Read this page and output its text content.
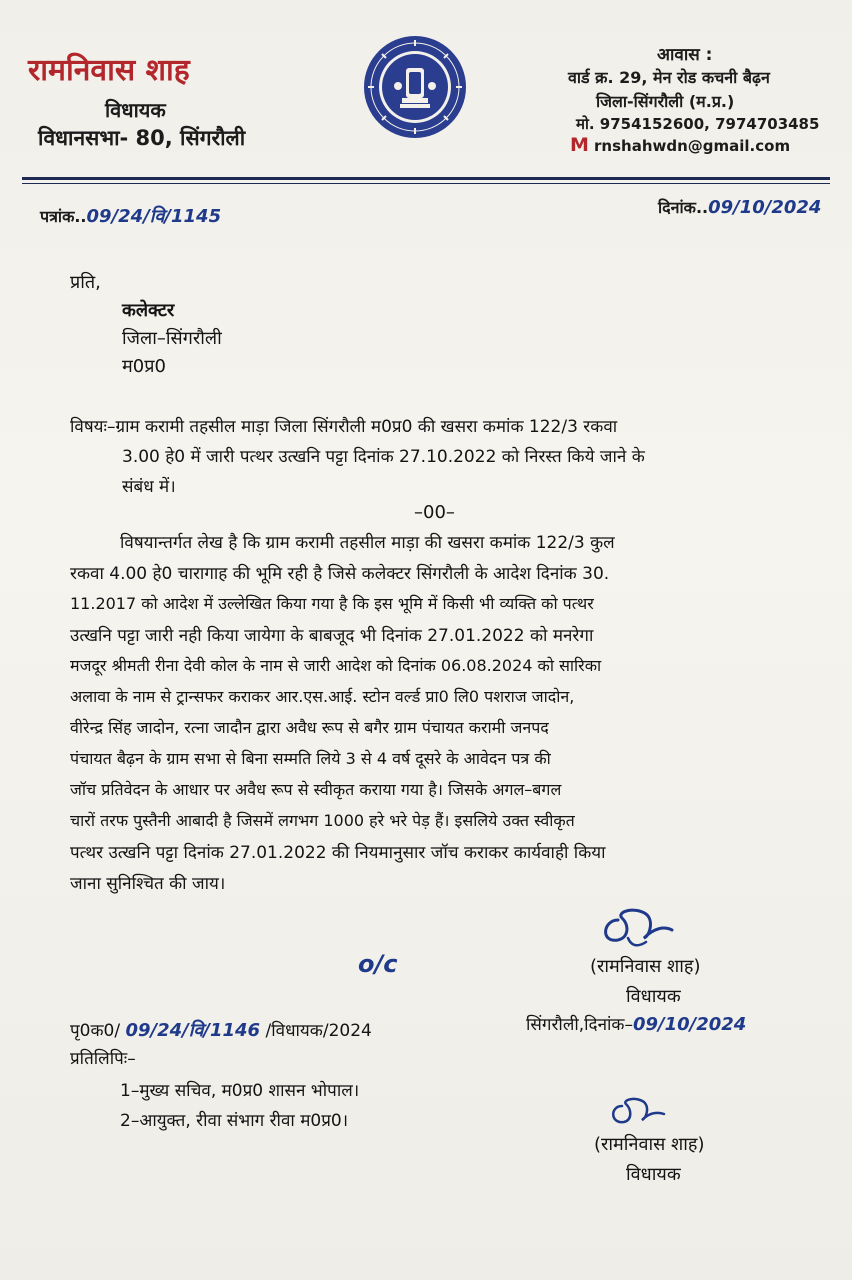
रामनिवास शाह
विधायक
विधानसभा- 80, सिंगरौली
आवास :
वार्ड क्र. 29, मेन रोड कचनी बैढ़न
जिला-सिंगरौली (म.प्र.)
मो. 9754152600, 7974703485
M rnshahwdn@gmail.com
पत्रांक..09/24/वि/1145	दिनांक..09/10/2024
प्रति,
कलेक्टर
जिला–सिंगरौली
म0प्र0
विषयः–ग्राम करामी तहसील माड़ा जिला सिंगरौली म0प्र0 की खसरा कमांक 122/3 रकवा
3.00 हे0 में जारी पत्थर उत्खनि पट्टा दिनांक 27.10.2022 को निरस्त किये जाने के
संबंध में।
–00–
विषयान्तर्गत लेख है कि ग्राम करामी तहसील माड़ा की खसरा कमांक 122/3 कुल
रकवा 4.00 हे0 चारागाह की भूमि रही है जिसे कलेक्टर सिंगरौली के आदेश दिनांक 30.
11.2017 को आदेश में उल्लेखित किया गया है कि इस भूमि में किसी भी व्यक्ति को पत्थर
उत्खनि पट्टा जारी नही किया जायेगा के बाबजूद भी दिनांक 27.01.2022 को मनरेगा
मजदूर श्रीमती रीना देवी कोल के नाम से जारी आदेश को दिनांक 06.08.2024 को सारिका
अलावा के नाम से ट्रान्सफर कराकर आर.एस.आई. स्टोन वर्ल्ड प्रा0 लि0 पशराज जादोन,
वीरेन्द्र सिंह जादोन, रत्ना जादौन द्वारा अवैध रूप से बगैर ग्राम पंचायत करामी जनपद
पंचायत बैढ़न के ग्राम सभा से बिना सम्मति लिये 3 से 4 वर्ष दूसरे के आवेदन पत्र की
जॉच प्रतिवेदन के आधार पर अवैध रूप से स्वीकृत कराया गया है। जिसके अगल–बगल
चारों तरफ पुस्तैनी आबादी है जिसमें लगभग 1000 हरे भरे पेड़ हैं। इसलिये उक्त स्वीकृत
पत्थर उत्खनि पट्टा दिनांक 27.01.2022 की नियमानुसार जॉच कराकर कार्यवाही किया
जाना सुनिश्चित की जाय।
(रामनिवास शाह)
विधायक
सिंगरौली,दिनांक–09/10/2024
o/c
पृ0क0/ 09/24/वि/1146 /विधायक/2024
प्रतिलिपिः–
1–मुख्य सचिव, म0प्र0 शासन भोपाल।
2–आयुक्त, रीवा संभाग रीवा म0प्र0।
(रामनिवास शाह)
विधायक
